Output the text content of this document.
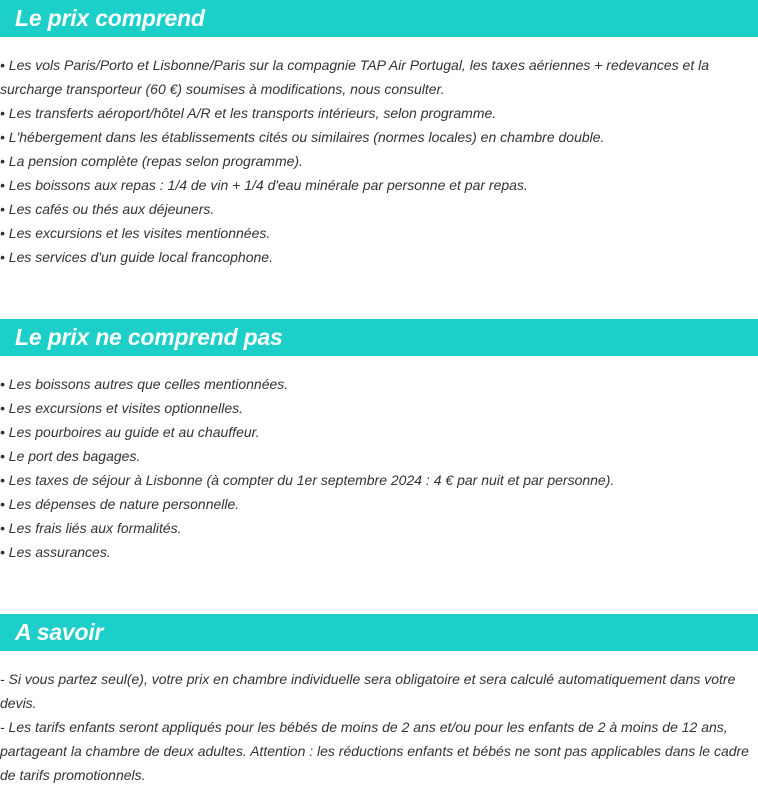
Le prix comprend

• Les vols Paris/Porto et Lisbonne/Paris sur la compagnie TAP Air Portugal, les taxes aériennes + redevances et la surcharge transporteur (60 €) soumises à modifications, nous consulter.

• Les transferts aéroport/hôtel A/R et les transports intérieurs, selon programme.

• L'hébergement dans les établissements cités ou similaires (normes locales) en chambre double.

• La pension complète (repas selon programme).

• Les boissons aux repas : 1/4 de vin + 1/4 d'eau minérale par personne et par repas.

• Les cafés ou thés aux déjeuners.

• Les excursions et les visites mentionnées.

• Les services d'un guide local francophone.

Le prix ne comprend pas

• Les boissons autres que celles mentionnées.

• Les excursions et visites optionnelles.

• Les pourboires au guide et au chauffeur.

• Le port des bagages.

• Les taxes de séjour à Lisbonne (à compter du 1er septembre 2024 : 4 € par nuit et par personne).

• Les dépenses de nature personnelle.

• Les frais liés aux formalités.

• Les assurances.

A savoir

- Si vous partez seul(e), votre prix en chambre individuelle sera obligatoire et sera calculé automatiquement dans votre devis.

- Les tarifs enfants seront appliqués pour les bébés de moins de 2 ans et/ou pour les enfants de 2 à moins de 12 ans, partageant la chambre de deux adultes. Attention : les réductions enfants et bébés ne sont pas applicables dans le cadre de tarifs promotionnels.
